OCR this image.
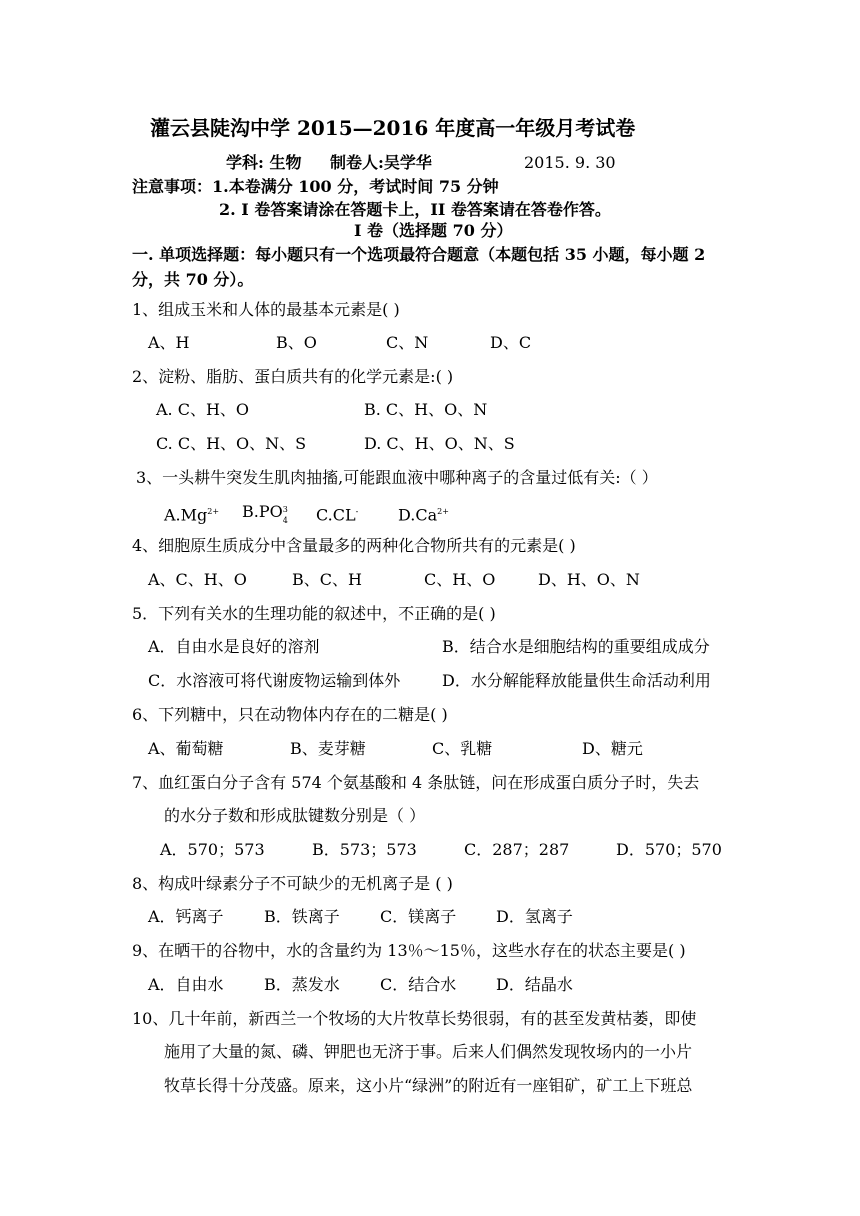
灌云县陡沟中学 2015—2016 年度高一年级月考试卷
学科: 生物 制卷人:吴学华	2015. 9. 30
注意事项：1.本卷满分 100 分，考试时间 75 分钟
2. I 卷答案请涂在答题卡上，II 卷答案请在答卷作答。
I 卷（选择题 70 分）
一. 单项选择题：每小题只有一个选项最符合题意（本题包括 35 小题，每小题 2
分，共 70 分）。
1、组成玉米和人体的最基本元素是( )
A、H	B、O	C、N	D、C
2、淀粉、脂肪、蛋白质共有的化学元素是:( )
A. C、H、O	B. C、H、O、N
C. C、H、O、N、S	D. C、H、O、N、S
3、一头耕牛突发生肌肉抽搐,可能跟血液中哪种离子的含量过低有关:（ ）
$A.Mg^{2+}$ B.PO 3
4 C.CL- $D.Ca^{2+}$
4、细胞原生质成分中含量最多的两种化合物所共有的元素是( )
A、C、H、O	B、C、H	C、H、O	D、H、O、N
5．下列有关水的生理功能的叙述中，不正确的是( )
A．自由水是良好的溶剂	B．结合水是细胞结构的重要组成成分
C．水溶液可将代谢废物运输到体外	D．水分解能释放能量供生命活动利用
6、下列糖中，只在动物体内存在的二糖是( )
A、葡萄糖	B、麦芽糖	C、乳糖	D、糖元
7、血红蛋白分子含有 574 个氨基酸和 4 条肽链，问在形成蛋白质分子时，失去
的水分子数和形成肽键数分别是（ ）
A．570；573	B．573；573	C．287；287	D．570；570
8、构成叶绿素分子不可缺少的无机离子是 ( )
A．钙离子	B．铁离子	C．镁离子 D．氢离子
9、在晒干的谷物中，水的含量约为 13％～15％，这些水存在的状态主要是( )
A．自由水	B．蒸发水	C．结合水 D．结晶水
10、几十年前，新西兰一个牧场的大片牧草长势很弱，有的甚至发黄枯萎，即使
施用了大量的氮、磷、钾肥也无济于事。后来人们偶然发现牧场内的一小片
牧草长得十分茂盛。原来，这小片“绿洲”的附近有一座钼矿，矿工上下班总
